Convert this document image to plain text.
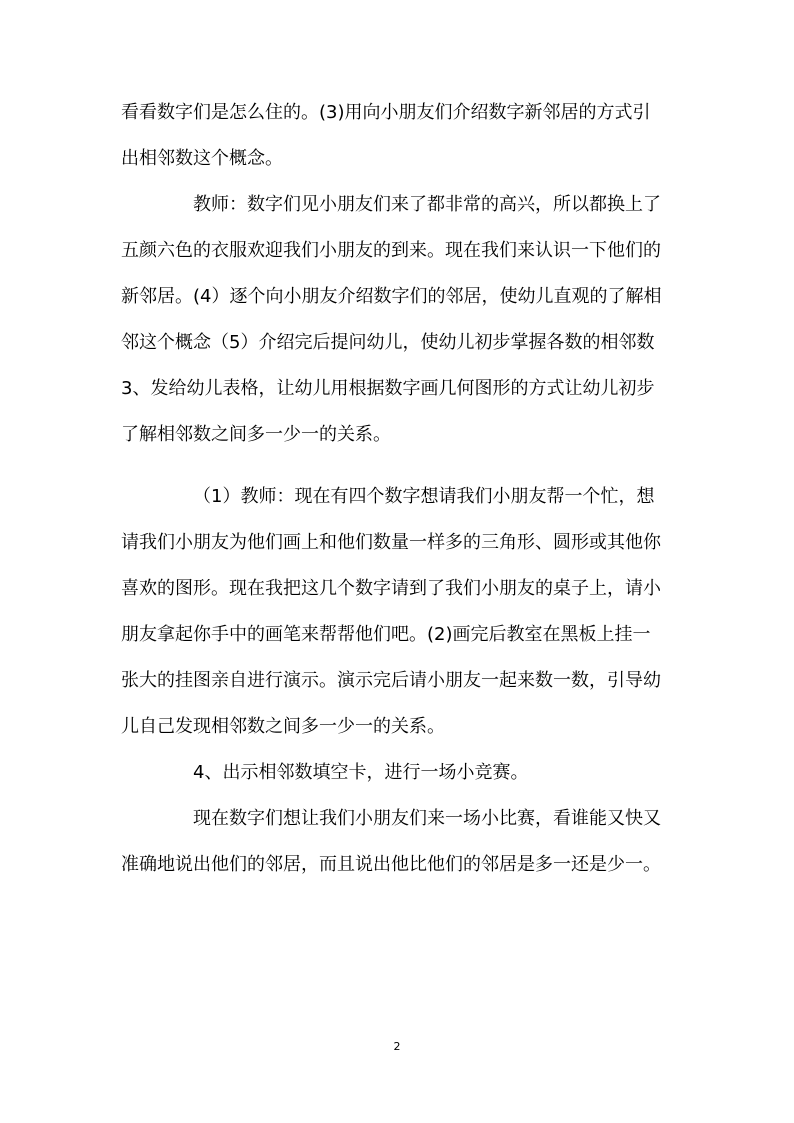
看看数字们是怎么住的。(3)用向小朋友们介绍数字新邻居的方式引
出相邻数这个概念。
教师：数字们见小朋友们来了都非常的高兴，所以都换上了
五颜六色的衣服欢迎我们小朋友的到来。现在我们来认识一下他们的
新邻居。(4）逐个向小朋友介绍数字们的邻居，使幼儿直观的了解相
邻这个概念（5）介绍完后提问幼儿，使幼儿初步掌握各数的相邻数
3、发给幼儿表格，让幼儿用根据数字画几何图形的方式让幼儿初步
了解相邻数之间多一少一的关系。
（1）教师：现在有四个数字想请我们小朋友帮一个忙，想
请我们小朋友为他们画上和他们数量一样多的三角形、圆形或其他你
喜欢的图形。现在我把这几个数字请到了我们小朋友的桌子上，请小
朋友拿起你手中的画笔来帮帮他们吧。(2)画完后教室在黑板上挂一
张大的挂图亲自进行演示。演示完后请小朋友一起来数一数，引导幼
儿自己发现相邻数之间多一少一的关系。
4、出示相邻数填空卡，进行一场小竞赛。
现在数字们想让我们小朋友们来一场小比赛，看谁能又快又
准确地说出他们的邻居，而且说出他比他们的邻居是多一还是少一。
2
